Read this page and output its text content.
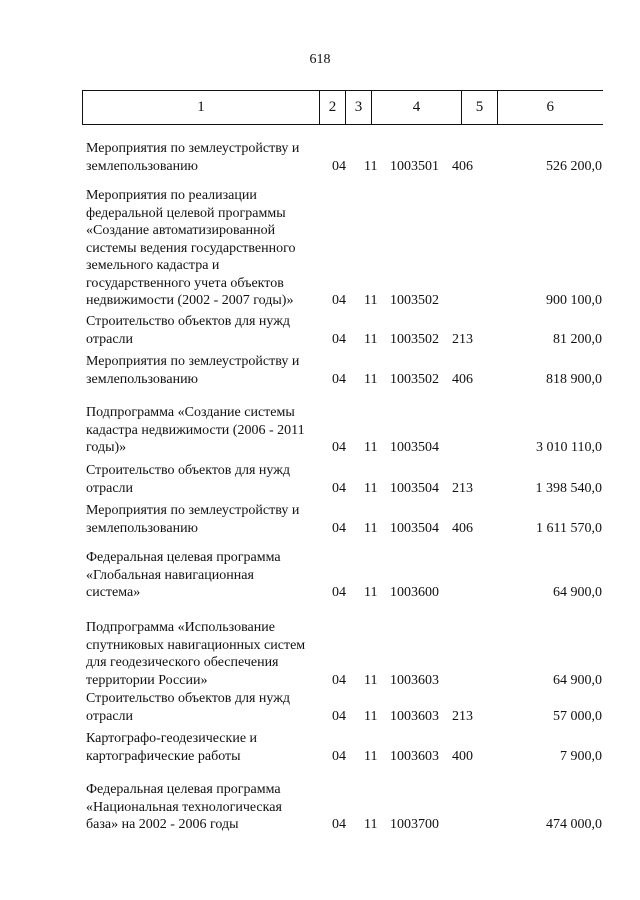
618
1	2	3	4	5	6
Мероприятия по землеустройству и
землепользованию	04 11 1003501 406	526 200,0
Мероприятия по реализации
федеральной целевой программы
«Создание автоматизированной
системы ведения государственного
земельного кадастра и
государственного учета объектов
недвижимости (2002 - 2007 годы)»	04 11 1003502	900 100,0
Строительство объектов для нужд
отрасли	04 11 1003502 213	81 200,0
Мероприятия по землеустройству и
землепользованию	04 11 1003502 406	818 900,0
Подпрограмма «Создание системы
кадастра недвижимости (2006 - 2011
годы)»	04 11 1003504	3 010 110,0
Строительство объектов для нужд
отрасли	04 11 1003504 213	1 398 540,0
Мероприятия по землеустройству и
землепользованию	04 11 1003504 406	1 611 570,0
Федеральная целевая программа
«Глобальная навигационная
система»	04 11 1003600	64 900,0
Подпрограмма «Использование
спутниковых навигационных систем
для геодезического обеспечения
территории России»	04 11 1003603	64 900,0
Строительство объектов для нужд
отрасли	04 11 1003603 213	57 000,0
Картографо-геодезические и
картографические работы	04 11 1003603 400	7 900,0
Федеральная целевая программа
«Национальная технологическая
база» на 2002 - 2006 годы	04 11 1003700	474 000,0
